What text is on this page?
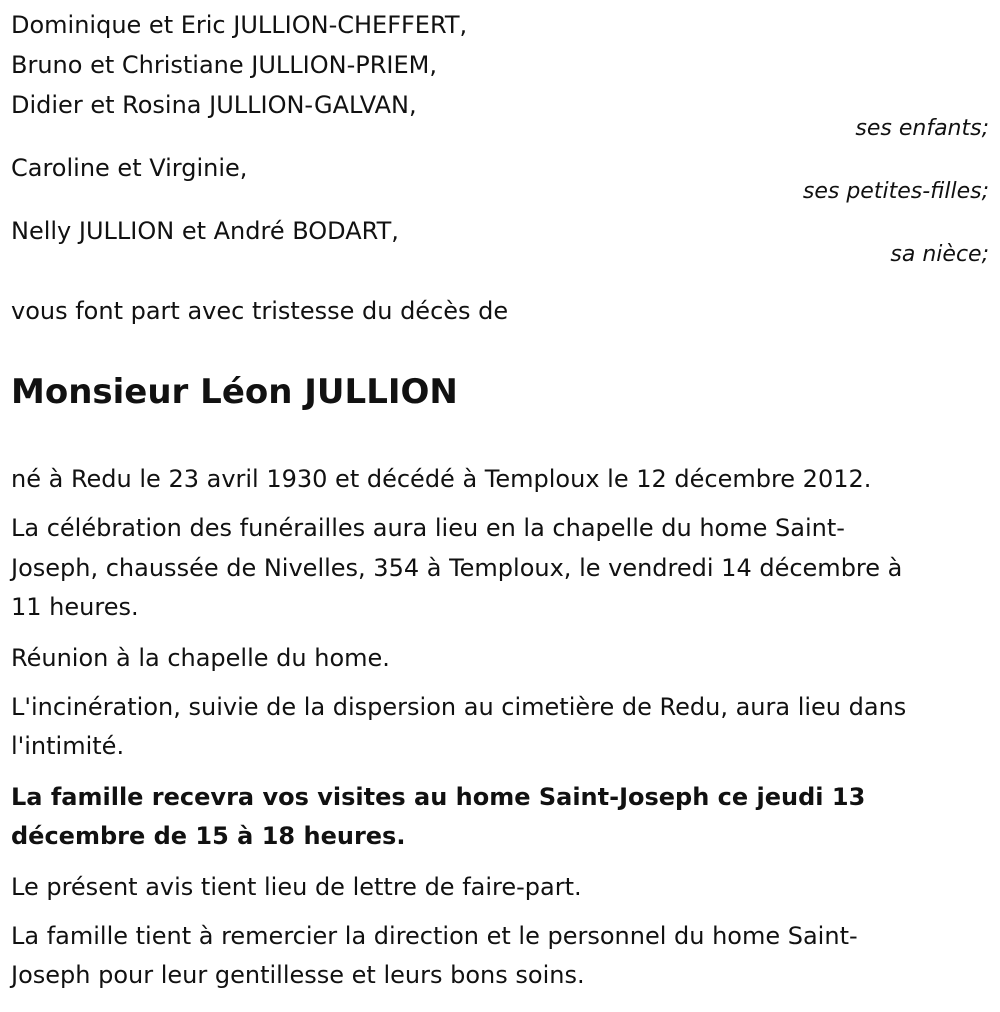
Dominique et Eric JULLION-CHEFFERT,
Bruno et Christiane JULLION-PRIEM,
Didier et Rosina JULLION-GALVAN,
ses enfants;
Caroline et Virginie,
ses petites-filles;
Nelly JULLION et André BODART,
sa nièce;
vous font part avec tristesse du décès de
Monsieur Léon JULLION
né à Redu le 23 avril 1930 et décédé à Temploux le 12 décembre 2012.
La célébration des funérailles aura lieu en la chapelle du home Saint-
Joseph, chaussée de Nivelles, 354 à Temploux, le vendredi 14 décembre à
11 heures.
Réunion à la chapelle du home.
L'incinération, suivie de la dispersion au cimetière de Redu, aura lieu dans
l'intimité.
La famille recevra vos visites au home Saint-Joseph ce jeudi 13
décembre de 15 à 18 heures.
Le présent avis tient lieu de lettre de faire-part.
La famille tient à remercier la direction et le personnel du home Saint-
Joseph pour leur gentillesse et leurs bons soins.
